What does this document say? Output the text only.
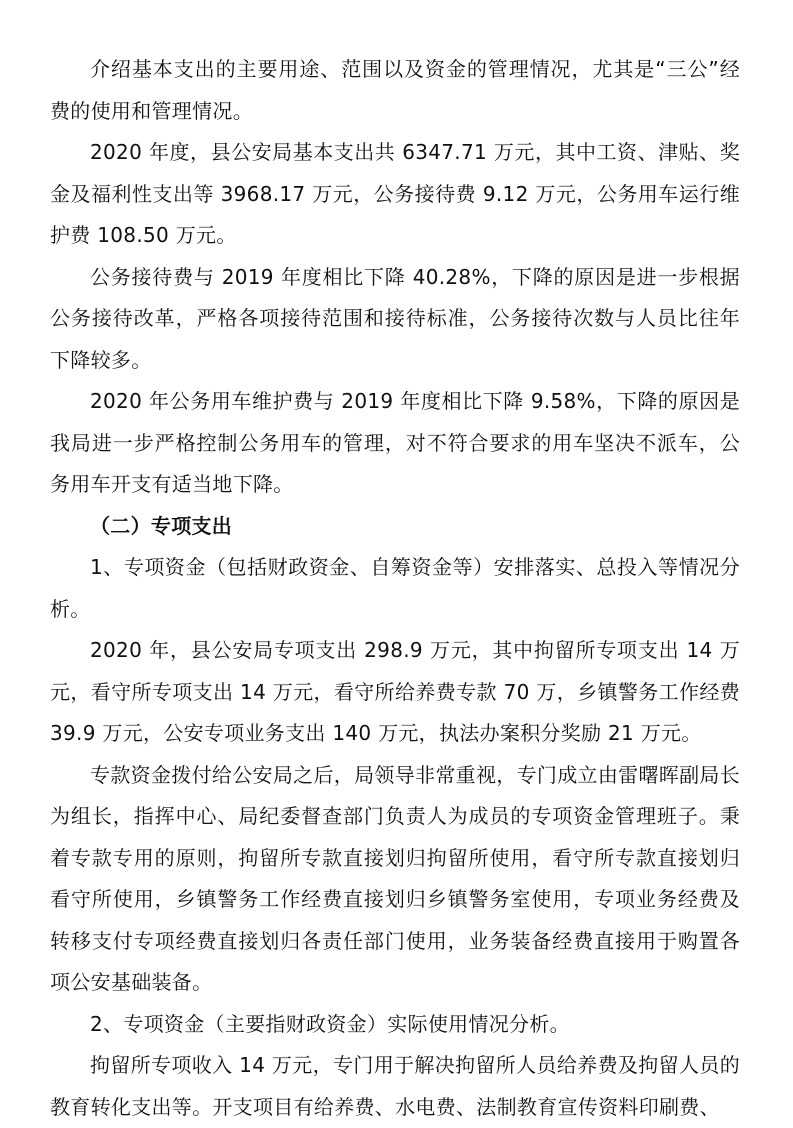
介绍基本支出的主要用途、范围以及资金的管理情况，尤其是“三公”经费的使用和管理情况。

2020 年度，县公安局基本支出共 6347.71 万元，其中工资、津贴、奖金及福利性支出等 3968.17 万元，公务接待费 9.12 万元，公务用车运行维护费 108.50 万元。

公务接待费与 2019 年度相比下降 40.28%，下降的原因是进一步根据公务接待改革，严格各项接待范围和接待标准，公务接待次数与人员比往年下降较多。

2020 年公务用车维护费与 2019 年度相比下降 9.58%，下降的原因是我局进一步严格控制公务用车的管理，对不符合要求的用车坚决不派车，公务用车开支有适当地下降。

（二）专项支出

1、专项资金（包括财政资金、自筹资金等）安排落实、总投入等情况分析。

2020 年，县公安局专项支出 298.9 万元，其中拘留所专项支出 14 万元，看守所专项支出 14 万元，看守所给养费专款 70 万，乡镇警务工作经费 39.9 万元，公安专项业务支出 140 万元，执法办案积分奖励 21 万元。

专款资金拨付给公安局之后，局领导非常重视，专门成立由雷曙晖副局长为组长，指挥中心、局纪委督查部门负责人为成员的专项资金管理班子。秉着专款专用的原则，拘留所专款直接划归拘留所使用，看守所专款直接划归看守所使用，乡镇警务工作经费直接划归乡镇警务室使用，专项业务经费及转移支付专项经费直接划归各责任部门使用，业务装备经费直接用于购置各项公安基础装备。

2、专项资金（主要指财政资金）实际使用情况分析。

拘留所专项收入 14 万元，专门用于解决拘留所人员给养费及拘留人员的教育转化支出等。开支项目有给养费、水电费、法制教育宣传资料印刷费、
